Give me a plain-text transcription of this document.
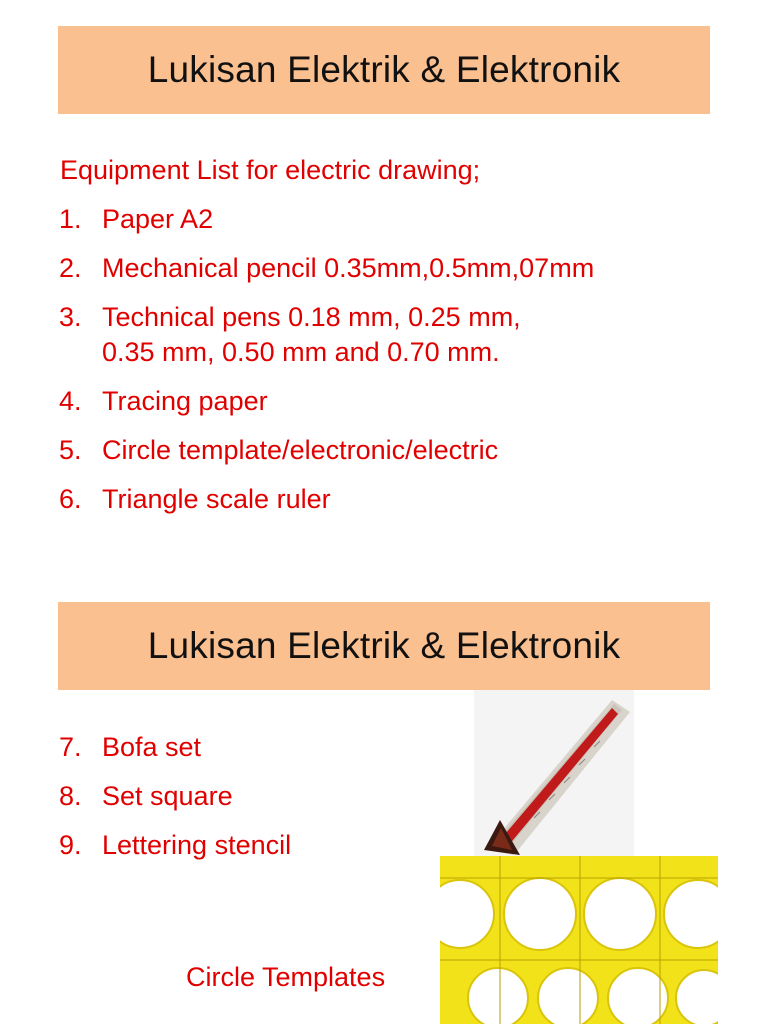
Lukisan Elektrik & Elektronik
Equipment List for electric drawing;
1. Paper A2
2. Mechanical pencil 0.35mm,0.5mm,07mm
3. Technical pens 0.18 mm, 0.25 mm,
0.35 mm, 0.50 mm and 0.70 mm.
4. Tracing paper
5. Circle template/electronic/electric
6. Triangle scale ruler
Lukisan Elektrik & Elektronik
7. Bofa set
8. Set square
9. Lettering stencil
Circle Templates
